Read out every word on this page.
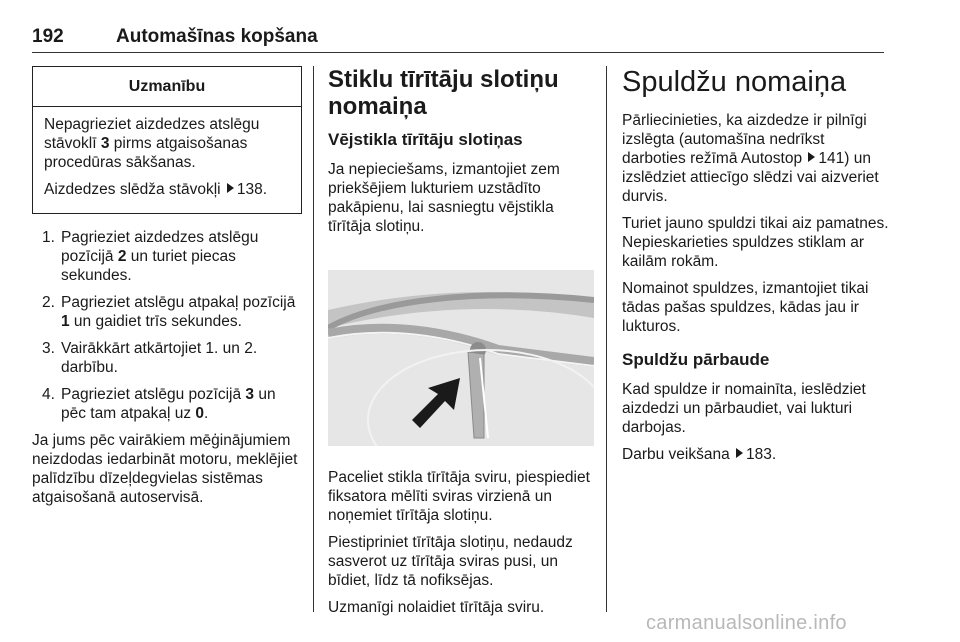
192	Automašīnas kopšana
Uzmanību

Nepagrieziet aizdedzes atslēgu stāvoklī 3 pirms atgaisošanas procedūras sākšanas.

Aizdedzes slēdža stāvokļi 138.

1. Pagrieziet aizdedzes atslēgu pozīcijā 2 un turiet piecas sekundes.
2. Pagrieziet atslēgu atpakaļ pozīcijā 1 un gaidiet trīs sekundes.
3. Vairākkārt atkārtojiet 1. un 2. darbību.
4. Pagrieziet atslēgu pozīcijā 3 un pēc tam atpakaļ uz 0.

Ja jums pēc vairākiem mēģinājumiem neizdodas iedarbināt motoru, meklējiet palīdzību dīzeļdegvielas sistēmas atgaisošanā autoservisā.

Stiklu tīrītāju slotiņu nomaiņa
Vējstikla tīrītāju slotiņas

Ja nepieciešams, izmantojiet zem priekšējiem lukturiem uzstādīto pakāpienu, lai sasniegtu vējstikla tīrītāja slotiņu.

Paceliet stikla tīrītāja sviru, piespiediet fiksatora mēlīti sviras virzienā un noņemiet tīrītāja slotiņu.

Piestipriniet tīrītāja slotiņu, nedaudz sasverot uz tīrītāja sviras pusi, un bīdiet, līdz tā nofiksējas.

Uzmanīgi nolaidiet tīrītāja sviru.

Spuldžu nomaiņa

Pārliecinieties, ka aizdedze ir pilnīgi izslēgta (automašīna nedrīkst darboties režīmā Autostop 141) un izslēdziet attiecīgo slēdzi vai aizveriet durvis.

Turiet jauno spuldzi tikai aiz pamatnes. Nepieskarieties spuldzes stiklam ar kailām rokām.

Nomainot spuldzes, izmantojiet tikai tādas pašas spuldzes, kādas jau ir lukturos.

Spuldžu pārbaude

Kad spuldze ir nomainīta, ieslēdziet aizdedzi un pārbaudiet, vai lukturi darbojas.

Darbu veikšana 183.

carmanualsonline.info
